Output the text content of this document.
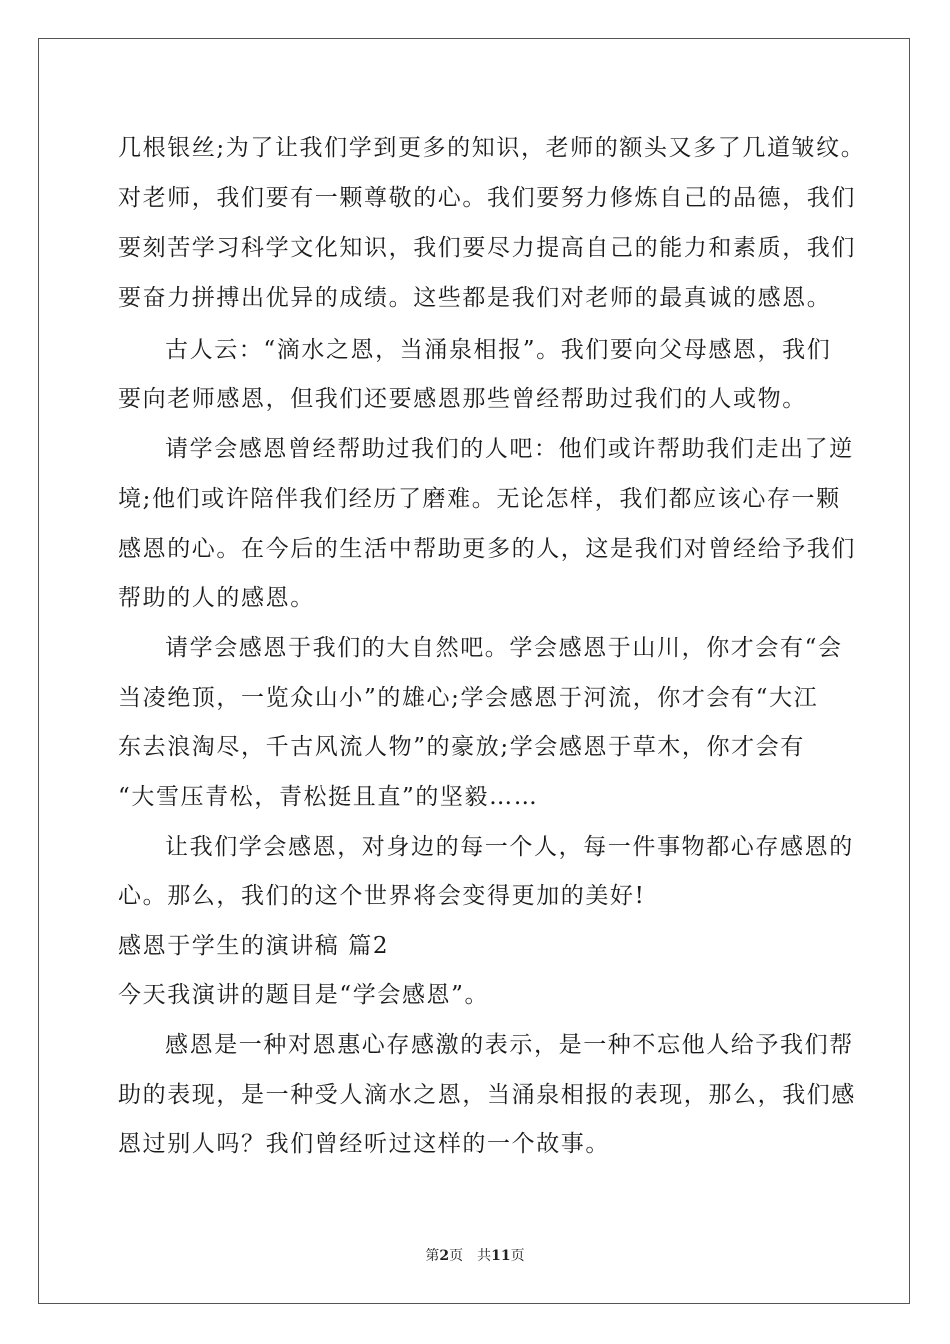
几根银丝;为了让我们学到更多的知识，老师的额头又多了几道皱纹。
对老师，我们要有一颗尊敬的心。我们要努力修炼自己的品德，我们
要刻苦学习科学文化知识，我们要尽力提高自己的能力和素质，我们
要奋力拼搏出优异的成绩。这些都是我们对老师的最真诚的感恩。
古人云：“滴水之恩，当涌泉相报”。我们要向父母感恩，我们
要向老师感恩，但我们还要感恩那些曾经帮助过我们的人或物。
请学会感恩曾经帮助过我们的人吧：他们或许帮助我们走出了逆
境;他们或许陪伴我们经历了磨难。无论怎样，我们都应该心存一颗
感恩的心。在今后的生活中帮助更多的人，这是我们对曾经给予我们
帮助的人的感恩。
请学会感恩于我们的大自然吧。学会感恩于山川，你才会有“会
当凌绝顶，一览众山小”的雄心;学会感恩于河流，你才会有“大江
东去浪淘尽，千古风流人物”的豪放;学会感恩于草木，你才会有
“大雪压青松，青松挺且直”的坚毅……
让我们学会感恩，对身边的每一个人，每一件事物都心存感恩的
心。那么，我们的这个世界将会变得更加的美好!
感恩于学生的演讲稿 篇2
今天我演讲的题目是“学会感恩”。
感恩是一种对恩惠心存感激的表示，是一种不忘他人给予我们帮
助的表现，是一种受人滴水之恩，当涌泉相报的表现，那么，我们感
恩过别人吗？我们曾经听过这样的一个故事。
第2页　共11页
